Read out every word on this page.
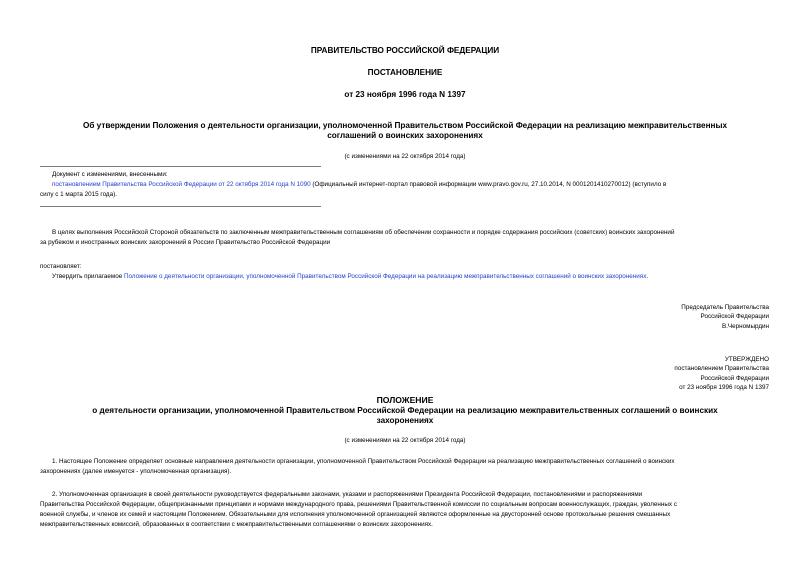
ПРАВИТЕЛЬСТВО РОССИЙСКОЙ ФЕДЕРАЦИИ
ПОСТАНОВЛЕНИЕ
от 23 ноября 1996 года N 1397
Об утверждении Положения о деятельности организации, уполномоченной Правительством Российской Федерации на реализацию межправительственных
соглашений о воинских захоронениях
(с изменениями на 22 октября 2014 года)
Документ с изменениями, внесенными:
постановлением Правительства Российской Федерации от 22 октября 2014 года N 1090 (Официальный интернет-портал правовой информации www.pravo.gov.ru, 27.10.2014, N 0001201410270012) (вступило в
силу с 1 марта 2015 года).
В целях выполнения Российской Стороной обязательств по заключенным межправительственным соглашениям об обеспечении сохранности и порядке содержания российских (советских) воинских захоронений
за рубежом и иностранных воинских захоронений в России Правительство Российской Федерации
постановляет:
Утвердить прилагаемое Положение о деятельности организации, уполномоченной Правительством Российской Федерации на реализацию межправительственных соглашений о воинских захоронениях.
Председатель Правительства
Российской Федерации
В.Черномырдин
УТВЕРЖДЕНО
постановлением Правительства
Российской Федерации
от 23 ноября 1996 года N 1397
ПОЛОЖЕНИЕ
о деятельности организации, уполномоченной Правительством Российской Федерации на реализацию межправительственных соглашений о воинских
захоронениях
(с изменениями на 22 октября 2014 года)
1. Настоящее Положение определяет основные направления деятельности организации, уполномоченной Правительством Российской Федерации на реализацию межправительственных соглашений о воинских
захоронениях (далее именуется - уполномоченная организация).
2. Уполномоченная организация в своей деятельности руководствуется федеральными законами, указами и распоряжениями Президента Российской Федерации, постановлениями и распоряжениями
Правительства Российской Федерации, общепризнанными принципами и нормами международного права, решениями Правительственной комиссии по социальным вопросам военнослужащих, граждан, уволенных с
военной службы, и членов их семей и настоящим Положением. Обязательными для исполнения уполномоченной организацией являются оформленные на двусторонней основе протокольные решения смешанных
межправительственных комиссий, образованных в соответствии с межправительственными соглашениями о воинских захоронениях.
